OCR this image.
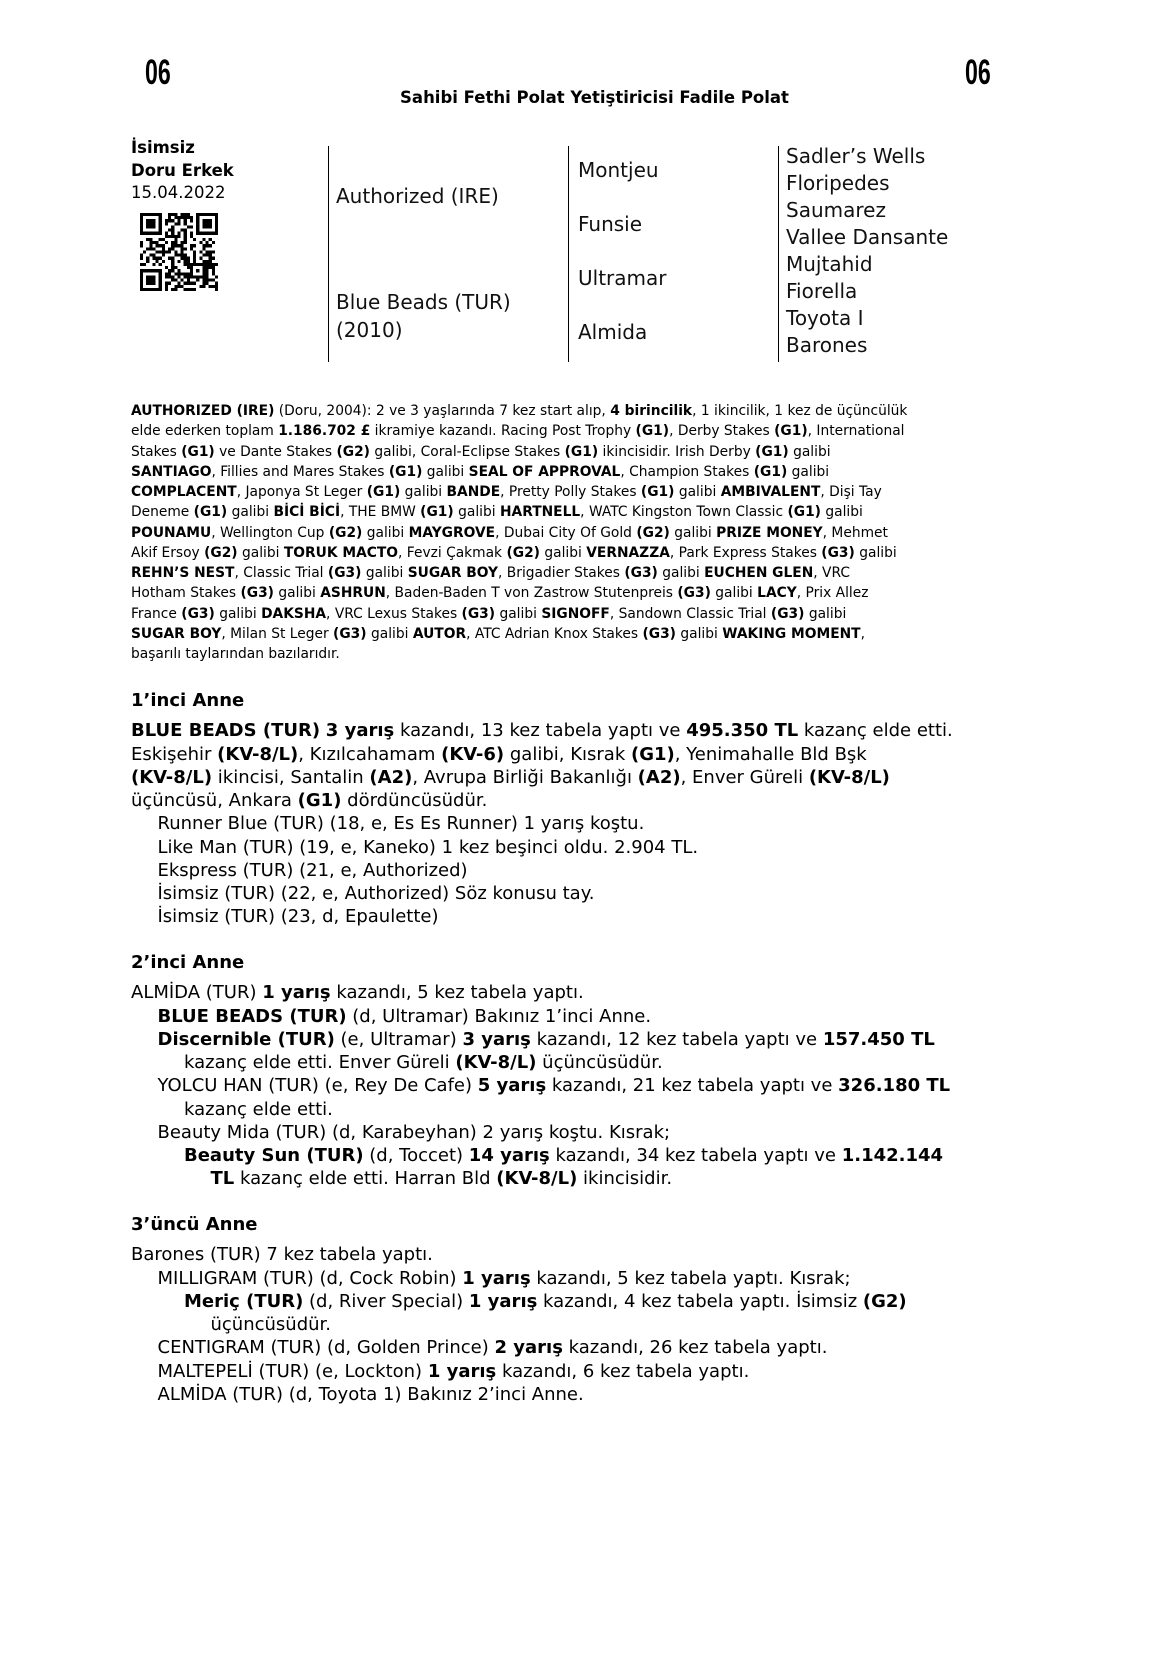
06	06
Sahibi Fethi Polat Yetiştiricisi Fadile Polat
İsimsiz
Doru Erkek
15.04.2022	Authorized (IRE)
Blue Beads (TUR)
(2010)
Montjeu
Funsie
Ultramar
Almida
Sadler’s Wells
Floripedes
Saumarez
Vallee Dansante
Mujtahid
Fiorella
Toyota I
Barones
AUTHORIZED (IRE) (Doru, 2004): 2 ve 3 yaşlarında 7 kez start alıp, 4 birincilik, 1 ikincilik, 1 kez de üçüncülük
elde ederken toplam 1.186.702 £ ikramiye kazandı. Racing Post Trophy (G1), Derby Stakes (G1), International
Stakes (G1) ve Dante Stakes (G2) galibi, Coral-Eclipse Stakes (G1) ikincisidir. Irish Derby (G1) galibi
SANTIAGO, Fillies and Mares Stakes (G1) galibi SEAL OF APPROVAL, Champion Stakes (G1) galibi
COMPLACENT, Japonya St Leger (G1) galibi BANDE, Pretty Polly Stakes (G1) galibi AMBIVALENT, Dişi Tay
Deneme (G1) galibi BİCİ BİCİ, THE BMW (G1) galibi HARTNELL, WATC Kingston Town Classic (G1) galibi
POUNAMU, Wellington Cup (G2) galibi MAYGROVE, Dubai City Of Gold (G2) galibi PRIZE MONEY, Mehmet
Akif Ersoy (G2) galibi TORUK MACTO, Fevzi Çakmak (G2) galibi VERNAZZA, Park Express Stakes (G3) galibi
REHN’S NEST, Classic Trial (G3) galibi SUGAR BOY, Brigadier Stakes (G3) galibi EUCHEN GLEN, VRC
Hotham Stakes (G3) galibi ASHRUN, Baden-Baden T von Zastrow Stutenpreis (G3) galibi LACY, Prix Allez
France (G3) galibi DAKSHA, VRC Lexus Stakes (G3) galibi SIGNOFF, Sandown Classic Trial (G3) galibi
SUGAR BOY, Milan St Leger (G3) galibi AUTOR, ATC Adrian Knox Stakes (G3) galibi WAKING MOMENT,
başarılı taylarından bazılarıdır.
1’inci Anne
BLUE BEADS (TUR) 3 yarış kazandı, 13 kez tabela yaptı ve 495.350 TL kazanç elde etti.
Eskişehir (KV-8/L), Kızılcahamam (KV-6) galibi, Kısrak (G1), Yenimahalle Bld Bşk
(KV-8/L) ikincisi, Santalin (A2), Avrupa Birliği Bakanlığı (A2), Enver Güreli (KV-8/L)
üçüncüsü, Ankara (G1) dördüncüsüdür.
Runner Blue (TUR) (18, e, Es Es Runner) 1 yarış koştu.
Like Man (TUR) (19, e, Kaneko) 1 kez beşinci oldu. 2.904 TL.
Ekspress (TUR) (21, e, Authorized)
İsimsiz (TUR) (22, e, Authorized) Söz konusu tay.
İsimsiz (TUR) (23, d, Epaulette)
2’inci Anne
ALMİDA (TUR) 1 yarış kazandı, 5 kez tabela yaptı.
BLUE BEADS (TUR) (d, Ultramar) Bakınız 1’inci Anne.
Discernible (TUR) (e, Ultramar) 3 yarış kazandı, 12 kez tabela yaptı ve 157.450 TL
kazanç elde etti. Enver Güreli (KV-8/L) üçüncüsüdür.
YOLCU HAN (TUR) (e, Rey De Cafe) 5 yarış kazandı, 21 kez tabela yaptı ve 326.180 TL
kazanç elde etti.
Beauty Mida (TUR) (d, Karabeyhan) 2 yarış koştu. Kısrak;
Beauty Sun (TUR) (d, Toccet) 14 yarış kazandı, 34 kez tabela yaptı ve 1.142.144
TL kazanç elde etti. Harran Bld (KV-8/L) ikincisidir.
3’üncü Anne
Barones (TUR) 7 kez tabela yaptı.
MILLIGRAM (TUR) (d, Cock Robin) 1 yarış kazandı, 5 kez tabela yaptı. Kısrak;
Meriç (TUR) (d, River Special) 1 yarış kazandı, 4 kez tabela yaptı. İsimsiz (G2)
üçüncüsüdür.
CENTIGRAM (TUR) (d, Golden Prince) 2 yarış kazandı, 26 kez tabela yaptı.
MALTEPELİ (TUR) (e, Lockton) 1 yarış kazandı, 6 kez tabela yaptı.
ALMİDA (TUR) (d, Toyota 1) Bakınız 2’inci Anne.
